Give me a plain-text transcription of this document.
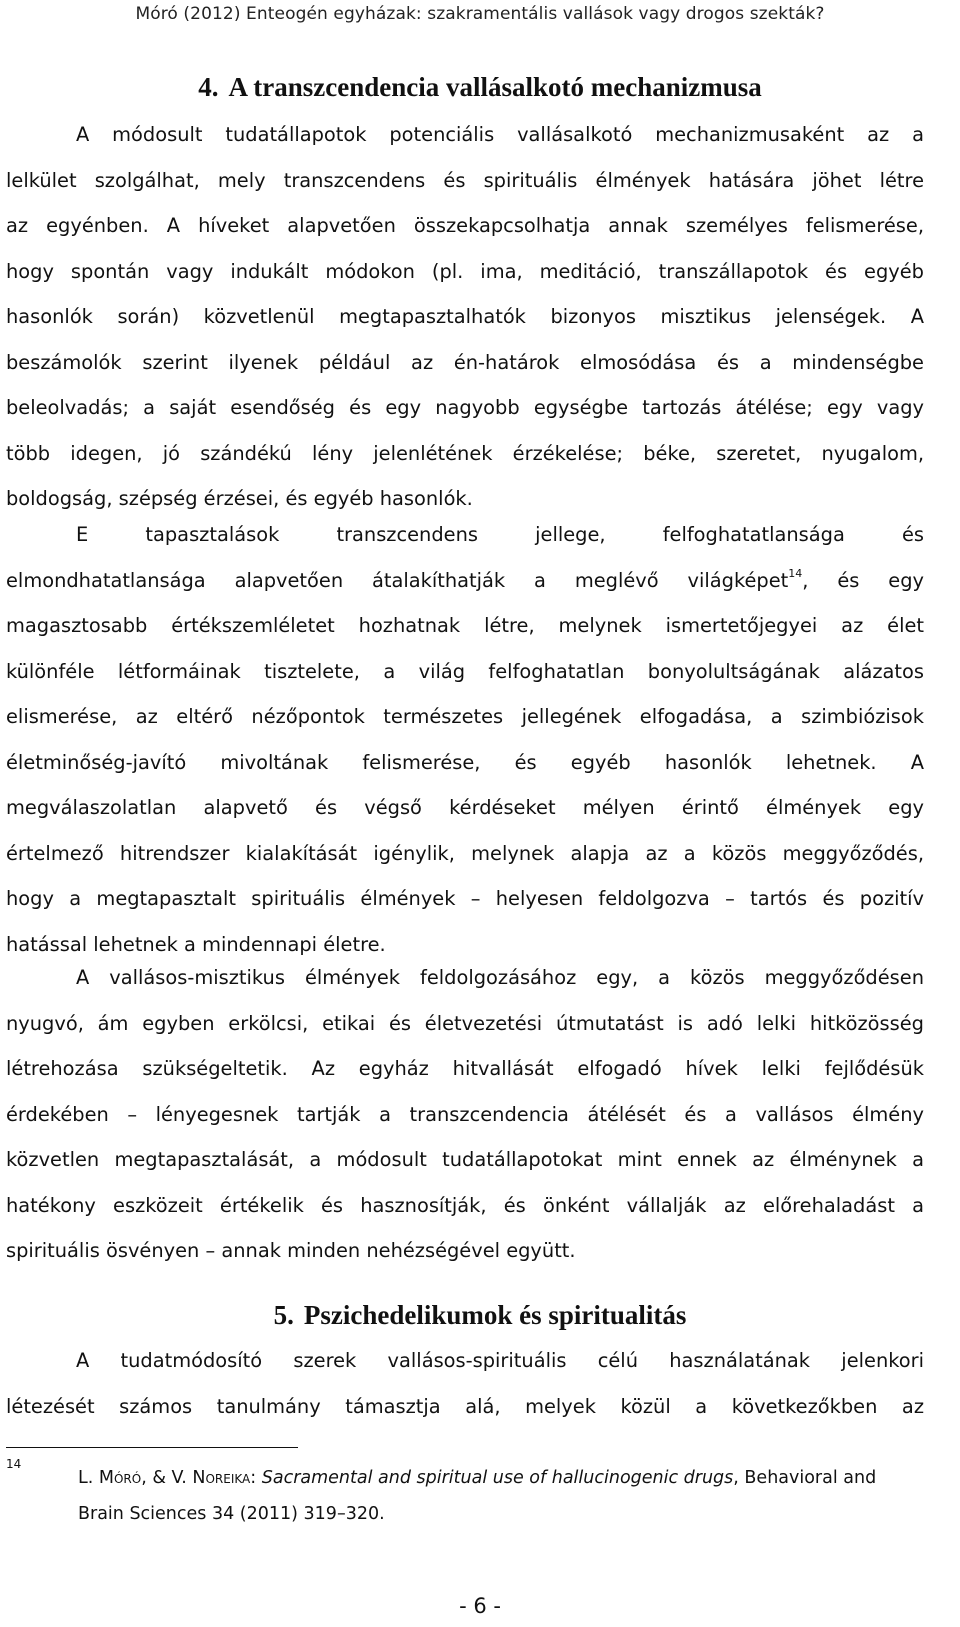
Móró (2012) Enteogén egyházak: szakramentális vallások vagy drogos szekták?
4. A transzcendencia vallásalkotó mechanizmusa
A módosult tudatállapotok potenciális vallásalkotó mechanizmusaként az a
lelkület szolgálhat, mely transzcendens és spirituális élmények hatására jöhet létre
az egyénben. A híveket alapvetően összekapcsolhatja annak személyes felismerése,
hogy spontán vagy indukált módokon (pl. ima, meditáció, transzállapotok és egyéb
hasonlók során) közvetlenül megtapasztalhatók bizonyos misztikus jelenségek. A
beszámolók szerint ilyenek például az én-határok elmosódása és a mindenségbe
beleolvadás; a saját esendőség és egy nagyobb egységbe tartozás átélése; egy vagy
több idegen, jó szándékú lény jelenlétének érzékelése; béke, szeretet, nyugalom,
boldogság, szépség érzései, és egyéb hasonlók.
E tapasztalások transzcendens jellege, felfoghatatlansága és
elmondhatatlansága alapvetően átalakíthatják a meglévő világképet$^{14}$, és egy
magasztosabb értékszemléletet hozhatnak létre, melynek ismertetőjegyei az élet
különféle létformáinak tisztelete, a világ felfoghatatlan bonyolultságának alázatos
elismerése, az eltérő nézőpontok természetes jellegének elfogadása, a szimbiózisok
életminőség-javító mivoltának felismerése, és egyéb hasonlók lehetnek. A
megválaszolatlan alapvető és végső kérdéseket mélyen érintő élmények egy
értelmező hitrendszer kialakítását igénylik, melynek alapja az a közös meggyőződés,
hogy a megtapasztalt spirituális élmények – helyesen feldolgozva – tartós és pozitív
hatással lehetnek a mindennapi életre.
A vallásos-misztikus élmények feldolgozásához egy, a közös meggyőződésen
nyugvó, ám egyben erkölcsi, etikai és életvezetési útmutatást is adó lelki hitközösség
létrehozása szükségeltetik. Az egyház hitvallását elfogadó hívek lelki fejlődésük
érdekében – lényegesnek tartják a transzcendencia átélését és a vallásos élmény
közvetlen megtapasztalását, a módosult tudatállapotokat mint ennek az élménynek a
hatékony eszközeit értékelik és hasznosítják, és önként vállalják az előrehaladást a
spirituális ösvényen – annak minden nehézségével együtt.
5. Pszichedelikumok és spiritualitás
A tudatmódosító szerek vallásos-spirituális célú használatának jelenkori
létezését számos tanulmány támasztja alá, melyek közül a következőkben az
14
L. Móró, & V. Noreika: Sacramental and spiritual use of hallucinogenic drugs, Behavioral and
Brain Sciences 34 (2011) 319–320.
- 6 -
